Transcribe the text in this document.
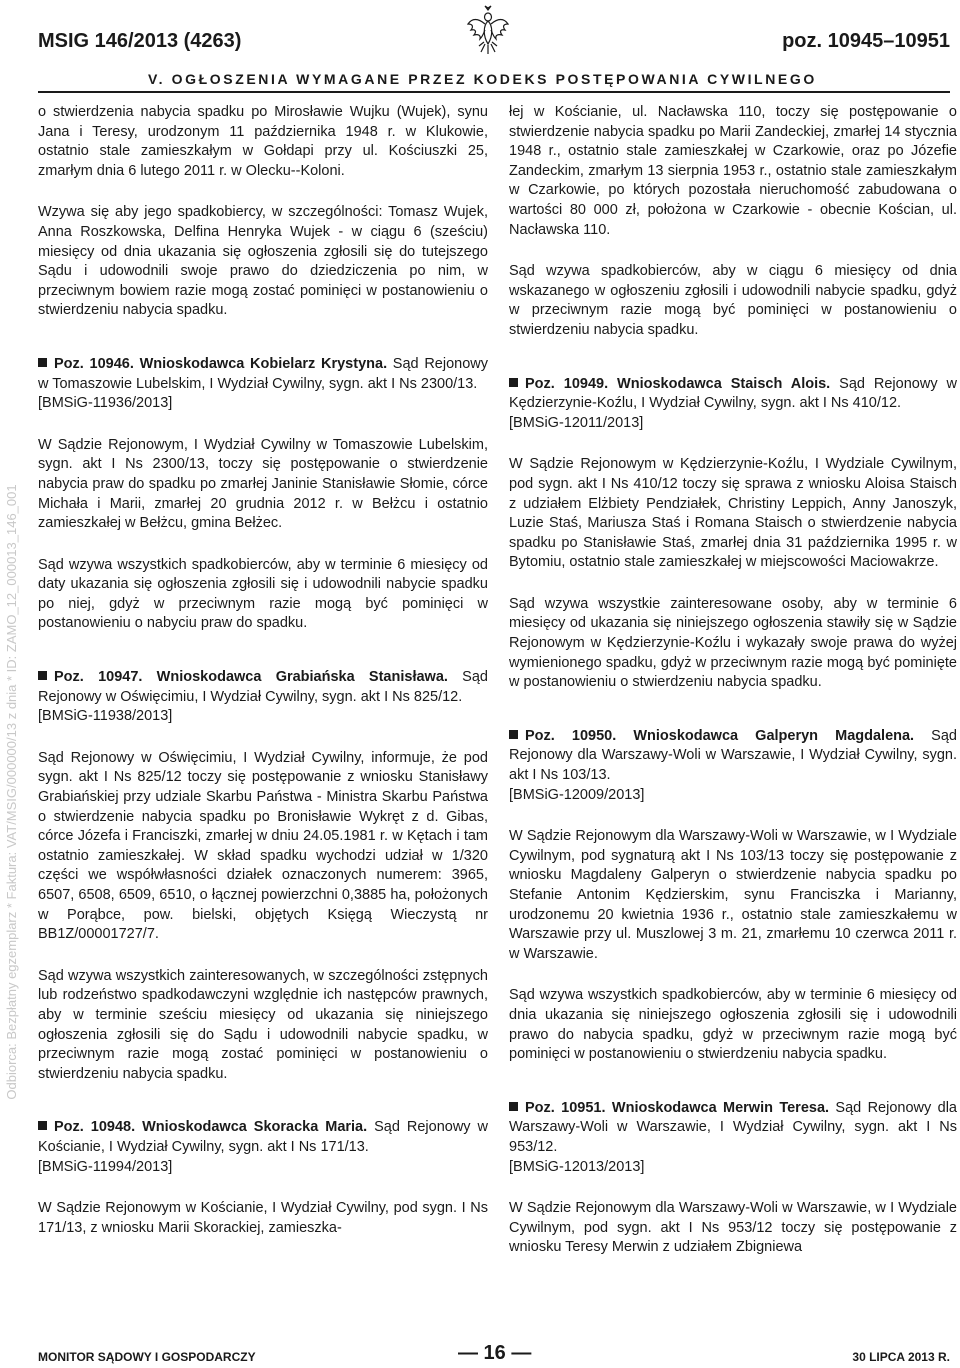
MSIG 146/2013 (4263)	poz. 10945–10951
V. OGŁOSZENIA WYMAGANE PRZEZ KODEKS POSTĘPOWANIA CYWILNEGO
Odbiorca: Bezpłatny egzemplarz * Faktura: VAT/MSIG/000000/13 z dnia * ID: ZAMO_12_000013_146_001

o stwierdzenia nabycia spadku po Mirosławie Wujku (Wujek), synu Jana i Teresy, urodzonym 11 października 1948 r. w Klukowie, ostatnio stale zamieszkałym w Gołdapi przy ul. Kościuszki 25, zmarłym dnia 6 lutego 2011 r. w Olecku--Koloni.

Wzywa się aby jego spadkobiercy, w szczególności: Tomasz Wujek, Anna Roszkowska, Delfina Henryka Wujek - w ciągu 6 (sześciu) miesięcy od dnia ukazania się ogłoszenia zgłosili się do tutejszego Sądu i udowodnili swoje prawo do dziedziczenia po nim, w przeciwnym bowiem razie mogą zostać pominięci w postanowieniu o stwierdzeniu nabycia spadku.

Poz. 10946. Wnioskodawca Kobielarz Krystyna. Sąd Rejonowy w Tomaszowie Lubelskim, I Wydział Cywilny, sygn. akt I Ns 2300/13.

[BMSiG-11936/2013]

W Sądzie Rejonowym, I Wydział Cywilny w Tomaszowie Lubelskim, sygn. akt I Ns 2300/13, toczy się postępowanie o stwierdzenie nabycia praw do spadku po zmarłej Janinie Stanisławie Słomie, córce Michała i Marii, zmarłej 20 grudnia 2012 r. w Bełżcu i ostatnio zamieszkałej w Bełżcu, gmina Bełżec.

Sąd wzywa wszystkich spadkobierców, aby w terminie 6 miesięcy od daty ukazania się ogłoszenia zgłosili się i udowodnili nabycie spadku po niej, gdyż w przeciwnym razie mogą być pominięci w postanowieniu o nabyciu praw do spadku.

Poz. 10947. Wnioskodawca Grabiańska Stanisława. Sąd Rejonowy w Oświęcimiu, I Wydział Cywilny, sygn. akt I Ns 825/12.

[BMSiG-11938/2013]

Sąd Rejonowy w Oświęcimiu, I Wydział Cywilny, informuje, że pod sygn. akt I Ns 825/12 toczy się postępowanie z wniosku Stanisławy Grabiańskiej przy udziale Skarbu Państwa - Ministra Skarbu Państwa o stwierdzenie nabycia spadku po Bronisławie Wykręt z d. Gibas, córce Józefa i Franciszki, zmarłej w dniu 24.05.1981 r. w Kętach i tam ostatnio zamieszkałej. W skład spadku wychodzi udział w 1/320 części we współwłasności działek oznaczonych numerem: 3965, 6507, 6508, 6509, 6510, o łącznej powierzchni 0,3885 ha, położonych w Porąbce, pow. bielski, objętych Księgą Wieczystą nr BB1Z/00001727/7.

Sąd wzywa wszystkich zainteresowanych, w szczególności zstępnych lub rodzeństwo spadkodawczyni względnie ich następców prawnych, aby w terminie sześciu miesięcy od ukazania się niniejszego ogłoszenia zgłosili się do Sądu i udowodnili nabycie spadku, w przeciwnym razie mogą zostać pominięci w postanowieniu o stwierdzeniu nabycia spadku.

Poz. 10948. Wnioskodawca Skoracka Maria. Sąd Rejonowy w Kościanie, I Wydział Cywilny, sygn. akt I Ns 171/13.

[BMSiG-11994/2013]

W Sądzie Rejonowym w Kościanie, I Wydział Cywilny, pod sygn. I Ns 171/13, z wniosku Marii Skorackiej, zamieszka-

łej w Kościanie, ul. Nacławska 110, toczy się postępowanie o stwierdzenie nabycia spadku po Marii Zandeckiej, zmarłej 14 stycznia 1948 r., ostatnio stale zamieszkałej w Czarkowie, oraz po Józefie Zandeckim, zmarłym 13 sierpnia 1953 r., ostatnio stale zamieszkałym w Czarkowie, po których pozostała nieruchomość zabudowana o wartości 80 000 zł, położona w Czarkowie - obecnie Kościan, ul. Nacławska 110.

Sąd wzywa spadkobierców, aby w ciągu 6 miesięcy od dnia wskazanego w ogłoszeniu zgłosili i udowodnili nabycie spadku, gdyż w przeciwnym razie mogą być pominięci w postanowieniu o stwierdzeniu nabycia spadku.

Poz. 10949. Wnioskodawca Staisch Alois. Sąd Rejonowy w Kędzierzynie-Koźlu, I Wydział Cywilny, sygn. akt I Ns 410/12.

[BMSiG-12011/2013]

W Sądzie Rejonowym w Kędzierzynie-Koźlu, I Wydziale Cywilnym, pod sygn. akt I Ns 410/12 toczy się sprawa z wniosku Aloisa Staisch z udziałem Elżbiety Pendziałek, Christiny Leppich, Anny Janoszyk, Luzie Staś, Mariusza Staś i Romana Staisch o stwierdzenie nabycia spadku po Stanisławie Staś, zmarłej dnia 31 października 1995 r. w Bytomiu, ostatnio stale zamieszkałej w miejscowości Maciowakrze.

Sąd wzywa wszystkie zainteresowane osoby, aby w terminie 6 miesięcy od ukazania się niniejszego ogłoszenia stawiły się w Sądzie Rejonowym w Kędzierzynie-Koźlu i wykazały swoje prawa do wyżej wymienionego spadku, gdyż w przeciwnym razie mogą być pominięte w postanowieniu o stwierdzeniu nabycia spadku.

Poz. 10950. Wnioskodawca Galperyn Magdalena. Sąd Rejonowy dla Warszawy-Woli w Warszawie, I Wydział Cywilny, sygn. akt I Ns 103/13.

[BMSiG-12009/2013]

W Sądzie Rejonowym dla Warszawy-Woli w Warszawie, w I Wydziale Cywilnym, pod sygnaturą akt I Ns 103/13 toczy się postępowanie z wniosku Magdaleny Galperyn o stwierdzenie nabycia spadku po Stefanie Antonim Kędzierskim, synu Franciszka i Marianny, urodzonemu 20 kwietnia 1936 r., ostatnio stale zamieszkałemu w Warszawie przy ul. Muszlowej 3 m. 21, zmarłemu 10 czerwca 2011 r. w Warszawie.

Sąd wzywa wszystkich spadkobierców, aby w terminie 6 miesięcy od dnia ukazania się niniejszego ogłoszenia zgłosili się i udowodnili prawo do nabycia spadku, gdyż w przeciwnym razie mogą być pominięci w postanowieniu o stwierdzeniu nabycia spadku.

Poz. 10951. Wnioskodawca Merwin Teresa. Sąd Rejonowy dla Warszawy-Woli w Warszawie, I Wydział Cywilny, sygn. akt I Ns 953/12.

[BMSiG-12013/2013]

W Sądzie Rejonowym dla Warszawy-Woli w Warszawie, w I Wydziale Cywilnym, pod sygn. akt I Ns 953/12 toczy się postępowanie z wniosku Teresy Merwin z udziałem Zbigniewa

MONITOR SĄDOWY I GOSPODARCZY	— 16 —	30 LIPCA 2013 R.
